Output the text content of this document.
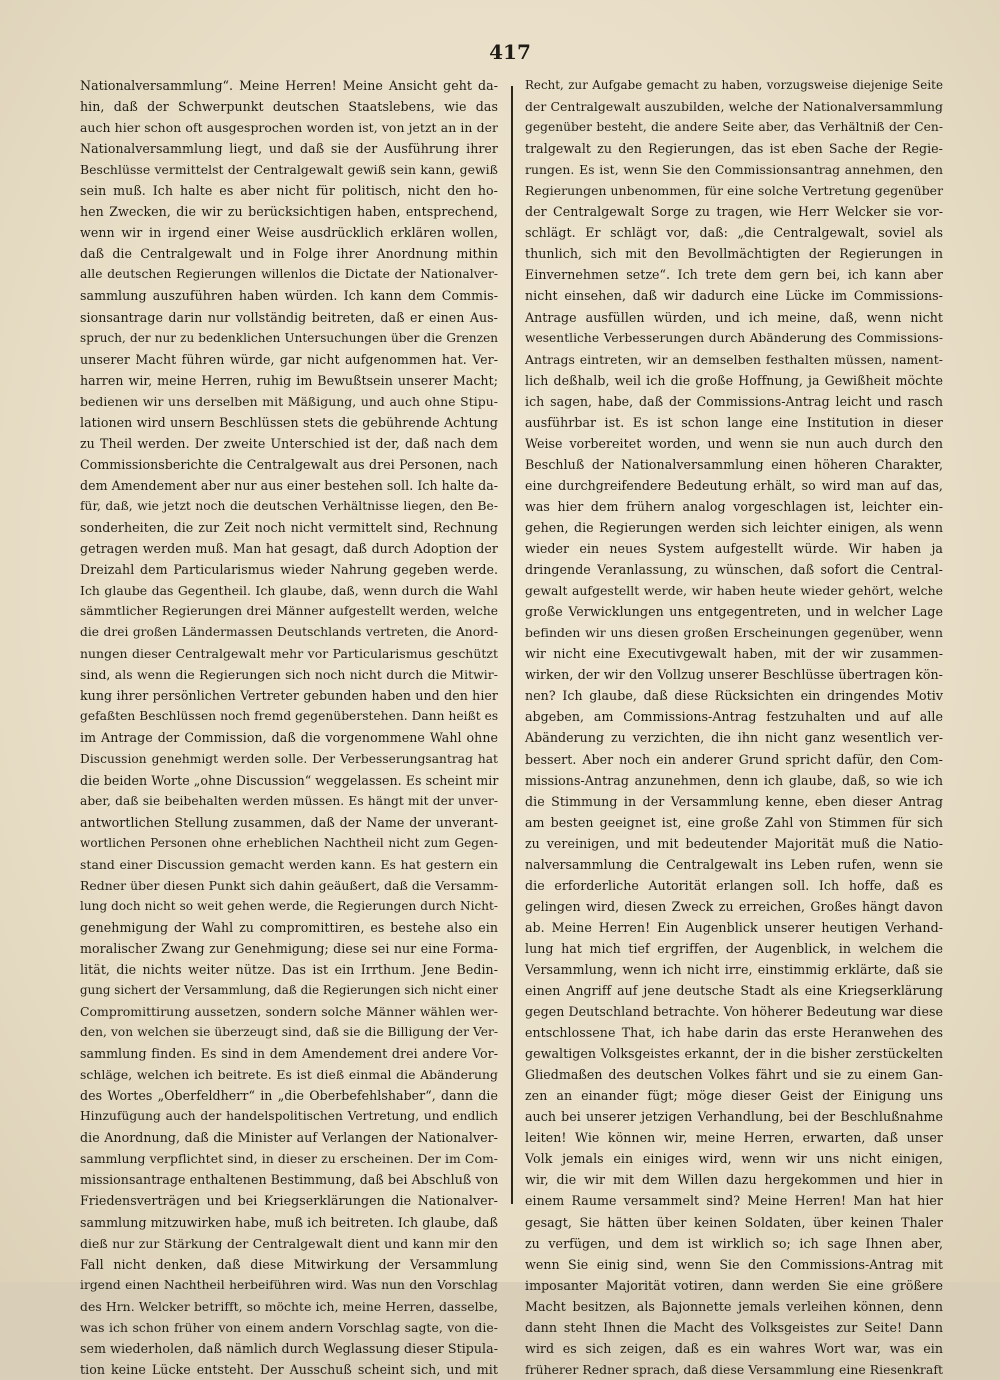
417
Nationalversammlung“. Meine Herren! Meine Ansicht geht da-
hin, daß der Schwerpunkt deutschen Staatslebens, wie das
auch hier schon oft ausgesprochen worden ist, von jetzt an in der
Nationalversammlung liegt, und daß sie der Ausführung ihrer
Beschlüsse vermittelst der Centralgewalt gewiß sein kann, gewiß
sein muß. Ich halte es aber nicht für politisch, nicht den ho-
hen Zwecken, die wir zu berücksichtigen haben, entsprechend,
wenn wir in irgend einer Weise ausdrücklich erklären wollen,
daß die Centralgewalt und in Folge ihrer Anordnung mithin
alle deutschen Regierungen willenlos die Dictate der Nationalver-
sammlung auszuführen haben würden. Ich kann dem Commis-
sionsantrage darin nur vollständig beitreten, daß er einen Aus-
spruch, der nur zu bedenklichen Untersuchungen über die Grenzen
unserer Macht führen würde, gar nicht aufgenommen hat. Ver-
harren wir, meine Herren, ruhig im Bewußtsein unserer Macht;
bedienen wir uns derselben mit Mäßigung, und auch ohne Stipu-
lationen wird unsern Beschlüssen stets die gebührende Achtung
zu Theil werden. Der zweite Unterschied ist der, daß nach dem
Commissionsberichte die Centralgewalt aus drei Personen, nach
dem Amendement aber nur aus einer bestehen soll. Ich halte da-
für, daß, wie jetzt noch die deutschen Verhältnisse liegen, den Be-
sonderheiten, die zur Zeit noch nicht vermittelt sind, Rechnung
getragen werden muß. Man hat gesagt, daß durch Adoption der
Dreizahl dem Particularismus wieder Nahrung gegeben werde.
Ich glaube das Gegentheil. Ich glaube, daß, wenn durch die Wahl
sämmtlicher Regierungen drei Männer aufgestellt werden, welche
die drei großen Ländermassen Deutschlands vertreten, die Anord-
nungen dieser Centralgewalt mehr vor Particularismus geschützt
sind, als wenn die Regierungen sich noch nicht durch die Mitwir-
kung ihrer persönlichen Vertreter gebunden haben und den hier
gefaßten Beschlüssen noch fremd gegenüberstehen. Dann heißt es
im Antrage der Commission, daß die vorgenommene Wahl ohne
Discussion genehmigt werden solle. Der Verbesserungsantrag hat
die beiden Worte „ohne Discussion“ weggelassen. Es scheint mir
aber, daß sie beibehalten werden müssen. Es hängt mit der unver-
antwortlichen Stellung zusammen, daß der Name der unverant-
wortlichen Personen ohne erheblichen Nachtheil nicht zum Gegen-
stand einer Discussion gemacht werden kann. Es hat gestern ein
Redner über diesen Punkt sich dahin geäußert, daß die Versamm-
lung doch nicht so weit gehen werde, die Regierungen durch Nicht-
genehmigung der Wahl zu compromittiren, es bestehe also ein
moralischer Zwang zur Genehmigung; diese sei nur eine Forma-
lität, die nichts weiter nütze. Das ist ein Irrthum. Jene Bedin-
gung sichert der Versammlung, daß die Regierungen sich nicht einer
Compromittirung aussetzen, sondern solche Männer wählen wer-
den, von welchen sie überzeugt sind, daß sie die Billigung der Ver-
sammlung finden. Es sind in dem Amendement drei andere Vor-
schläge, welchen ich beitrete. Es ist dieß einmal die Abänderung
des Wortes „Oberfeldherr“ in „die Oberbefehlshaber“, dann die
Hinzufügung auch der handelspolitischen Vertretung, und endlich
die Anordnung, daß die Minister auf Verlangen der Nationalver-
sammlung verpflichtet sind, in dieser zu erscheinen. Der im Com-
missionsantrage enthaltenen Bestimmung, daß bei Abschluß von
Friedensverträgen und bei Kriegserklärungen die Nationalver-
sammlung mitzuwirken habe, muß ich beitreten. Ich glaube, daß
dieß nur zur Stärkung der Centralgewalt dient und kann mir den
Fall nicht denken, daß diese Mitwirkung der Versammlung
irgend einen Nachtheil herbeiführen wird. Was nun den Vorschlag
des Hrn. Welcker betrifft, so möchte ich, meine Herren, dasselbe,
was ich schon früher von einem andern Vorschlag sagte, von die-
sem wiederholen, daß nämlich durch Weglassung dieser Stipula-
tion keine Lücke entsteht. Der Ausschuß scheint sich, und mit
Recht, zur Aufgabe gemacht zu haben, vorzugsweise diejenige Seite
der Centralgewalt auszubilden, welche der Nationalversammlung
gegenüber besteht, die andere Seite aber, das Verhältniß der Cen-
tralgewalt zu den Regierungen, das ist eben Sache der Regie-
rungen. Es ist, wenn Sie den Commissionsantrag annehmen, den
Regierungen unbenommen, für eine solche Vertretung gegenüber
der Centralgewalt Sorge zu tragen, wie Herr Welcker sie vor-
schlägt. Er schlägt vor, daß: „die Centralgewalt, soviel als
thunlich, sich mit den Bevollmächtigten der Regierungen in
Einvernehmen setze“. Ich trete dem gern bei, ich kann aber
nicht einsehen, daß wir dadurch eine Lücke im Commissions-
Antrage ausfüllen würden, und ich meine, daß, wenn nicht
wesentliche Verbesserungen durch Abänderung des Commissions-
Antrags eintreten, wir an demselben festhalten müssen, nament-
lich deßhalb, weil ich die große Hoffnung, ja Gewißheit möchte
ich sagen, habe, daß der Commissions-Antrag leicht und rasch
ausführbar ist. Es ist schon lange eine Institution in dieser
Weise vorbereitet worden, und wenn sie nun auch durch den
Beschluß der Nationalversammlung einen höheren Charakter,
eine durchgreifendere Bedeutung erhält, so wird man auf das,
was hier dem frühern analog vorgeschlagen ist, leichter ein-
gehen, die Regierungen werden sich leichter einigen, als wenn
wieder ein neues System aufgestellt würde. Wir haben ja
dringende Veranlassung, zu wünschen, daß sofort die Central-
gewalt aufgestellt werde, wir haben heute wieder gehört, welche
große Verwicklungen uns entgegentreten, und in welcher Lage
befinden wir uns diesen großen Erscheinungen gegenüber, wenn
wir nicht eine Executivgewalt haben, mit der wir zusammen-
wirken, der wir den Vollzug unserer Beschlüsse übertragen kön-
nen? Ich glaube, daß diese Rücksichten ein dringendes Motiv
abgeben, am Commissions-Antrag festzuhalten und auf alle
Abänderung zu verzichten, die ihn nicht ganz wesentlich ver-
bessert. Aber noch ein anderer Grund spricht dafür, den Com-
missions-Antrag anzunehmen, denn ich glaube, daß, so wie ich
die Stimmung in der Versammlung kenne, eben dieser Antrag
am besten geeignet ist, eine große Zahl von Stimmen für sich
zu vereinigen, und mit bedeutender Majorität muß die Natio-
nalversammlung die Centralgewalt ins Leben rufen, wenn sie
die erforderliche Autorität erlangen soll. Ich hoffe, daß es
gelingen wird, diesen Zweck zu erreichen, Großes hängt davon
ab. Meine Herren! Ein Augenblick unserer heutigen Verhand-
lung hat mich tief ergriffen, der Augenblick, in welchem die
Versammlung, wenn ich nicht irre, einstimmig erklärte, daß sie
einen Angriff auf jene deutsche Stadt als eine Kriegserklärung
gegen Deutschland betrachte. Von höherer Bedeutung war diese
entschlossene That, ich habe darin das erste Heranwehen des
gewaltigen Volksgeistes erkannt, der in die bisher zerstückelten
Gliedmaßen des deutschen Volkes fährt und sie zu einem Gan-
zen an einander fügt; möge dieser Geist der Einigung uns
auch bei unserer jetzigen Verhandlung, bei der Beschlußnahme
leiten! Wie können wir, meine Herren, erwarten, daß unser
Volk jemals ein einiges wird, wenn wir uns nicht einigen,
wir, die wir mit dem Willen dazu hergekommen und hier in
einem Raume versammelt sind? Meine Herren! Man hat hier
gesagt, Sie hätten über keinen Soldaten, über keinen Thaler
zu verfügen, und dem ist wirklich so; ich sage Ihnen aber,
wenn Sie einig sind, wenn Sie den Commissions-Antrag mit
imposanter Majorität votiren, dann werden Sie eine größere
Macht besitzen, als Bajonnette jemals verleihen können, denn
dann steht Ihnen die Macht des Volksgeistes zur Seite! Dann
wird es sich zeigen, daß es ein wahres Wort war, was ein
früherer Redner sprach, daß diese Versammlung eine Riesenkraft
